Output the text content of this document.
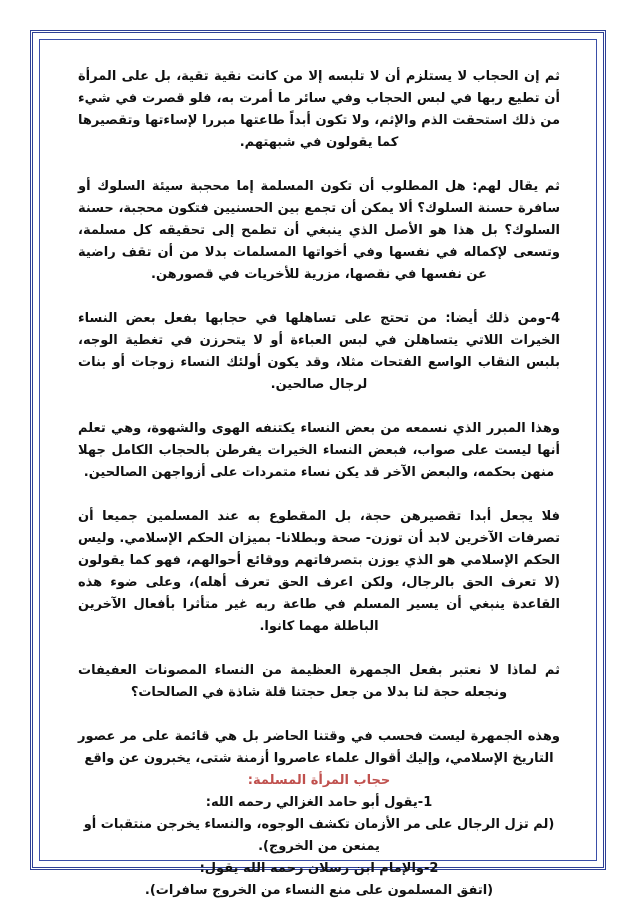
ثم إن الحجاب لا يستلزم أن لا تلبسه إلا من كانت نقية تقية، بل على المرأة أن تطيع ربها في لبس الحجاب وفي سائر ما أمرت به، فلو قصرت في شيء من ذلك استحقت الذم والإثم، ولا تكون أبداً طاعتها مبررا لإساءتها وتقصيرها كما يقولون في شبهتهم.

ثم يقال لهم: هل المطلوب أن تكون المسلمة إما محجبة سيئة السلوك أو سافرة حسنة السلوك؟ ألا يمكن أن تجمع بين الحسنيين فتكون محجبة، حسنة السلوك؟ بل هذا هو الأصل الذي ينبغي أن تطمح إلى تحقيقه كل مسلمة، وتسعى لإكماله في نفسها وفي أخواتها المسلمات بدلا من أن تقف راضية عن نفسها في نقصها، مزرية للأخريات في قصورهن.

4-ومن ذلك أيضا: من تحتج على تساهلها في حجابها بفعل بعض النساء الخيرات اللاتي يتساهلن في لبس العباءة أو لا يتحرزن في تغطية الوجه، بلبس النقاب الواسع الفتحات مثلا، وقد يكون أولئك النساء زوجات أو بنات لرجال صالحين.

وهذا المبرر الذي نسمعه من بعض النساء يكتنفه الهوى والشهوة، وهي تعلم أنها ليست على صواب، فبعض النساء الخيرات يفرطن بالحجاب الكامل جهلا منهن بحكمه، والبعض الآخر قد يكن نساء متمردات على أزواجهن الصالحين.

فلا يجعل أبدا تقصيرهن حجة، بل المقطوع به عند المسلمين جميعا أن تصرفات الآخرين لابد أن توزن- صحة وبطلانا- بميزان الحكم الإسلامي. وليس الحكم الإسلامي هو الذي يوزن بتصرفاتهم ووقائع أحوالهم، فهو كما يقولون (لا تعرف الحق بالرجال، ولكن اعرف الحق تعرف أهله)، وعلى ضوء هذه القاعدة ينبغي أن يسير المسلم في طاعة ربه غير متأثرا بأفعال الآخرين الباطلة مهما كانوا.

ثم لماذا لا نعتبر بفعل الجمهرة العظيمة من النساء المصونات العفيفات ونجعله حجة لنا بدلا من جعل حجتنا قلة شاذة في الصالحات؟

وهذه الجمهرة ليست فحسب في وقتنا الحاضر بل هي قائمة على مر عصور التاريخ الإسلامي، وإليك أقوال علماء عاصروا أزمنة شتى، يخبرون عن واقع

حجاب المرأة المسلمة:

1-يقول أبو حامد الغزالي رحمه الله:

(لم تزل الرجال على مر الأزمان تكشف الوجوه، والنساء يخرجن منتقبات أو يمنعن من الخروج).

2-والإمام ابن رسلان رحمه الله يقول:

(اتفق المسلمون على منع النساء من الخروج سافرات).
